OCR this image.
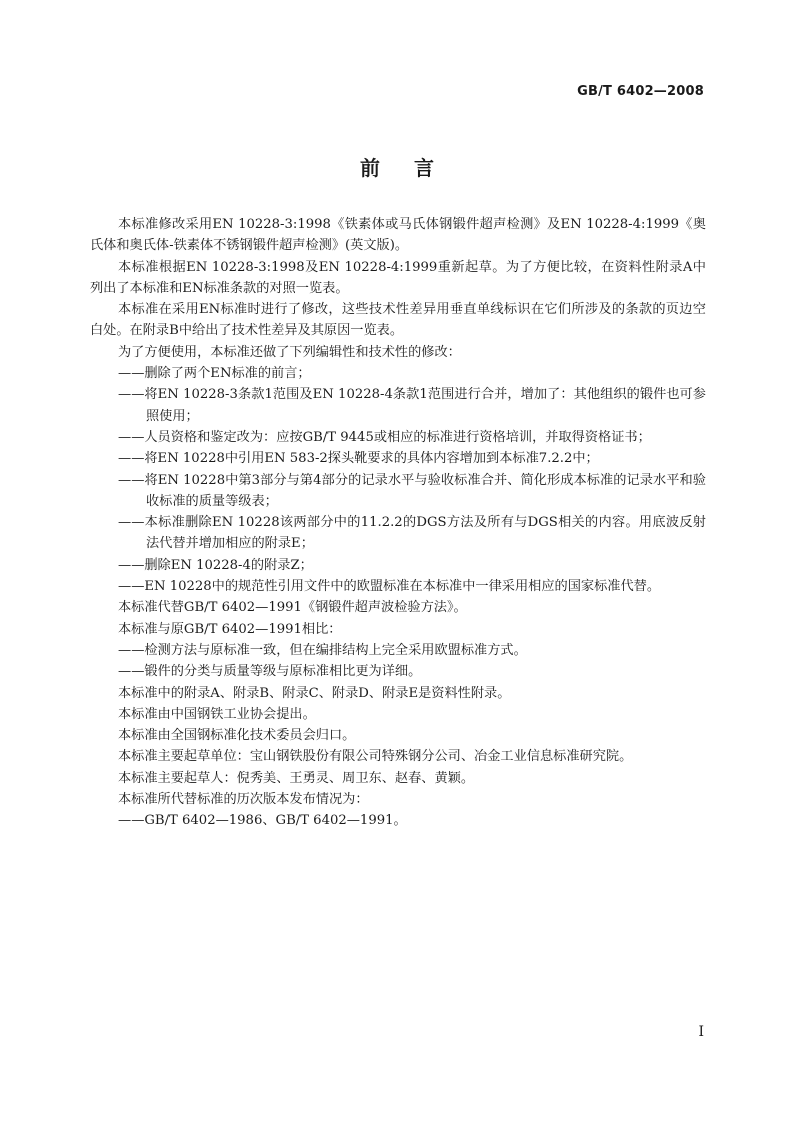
GB/T 6402—2008
前言

本标准修改采用EN 10228-3:1998《铁素体或马氏体钢锻件超声检测》及EN 10228-4:1999《奥氏体和奥氏体-铁素体不锈钢锻件超声检测》(英文版)。

本标准根据EN 10228-3:1998及EN 10228-4:1999重新起草。为了方便比较，在资料性附录A中列出了本标准和EN标准条款的对照一览表。

本标准在采用EN标准时进行了修改，这些技术性差异用垂直单线标识在它们所涉及的条款的页边空白处。在附录B中给出了技术性差异及其原因一览表。

为了方便使用，本标准还做了下列编辑性和技术性的修改：

——删除了两个EN标准的前言；

——将EN 10228-3条款1范围及EN 10228-4条款1范围进行合并，增加了：其他组织的锻件也可参照使用；

——人员资格和鉴定改为：应按GB/T 9445或相应的标准进行资格培训，并取得资格证书；

——将EN 10228中引用EN 583-2探头靴要求的具体内容增加到本标准7.2.2中；

——将EN 10228中第3部分与第4部分的记录水平与验收标准合并、简化形成本标准的记录水平和验收标准的质量等级表；

——本标准删除EN 10228该两部分中的11.2.2的DGS方法及所有与DGS相关的内容。用底波反射法代替并增加相应的附录E；

——删除EN 10228-4的附录Z；

——EN 10228中的规范性引用文件中的欧盟标准在本标准中一律采用相应的国家标准代替。

本标准代替GB/T 6402—1991《钢锻件超声波检验方法》。

本标准与原GB/T 6402—1991相比：

——检测方法与原标准一致，但在编排结构上完全采用欧盟标准方式。

——锻件的分类与质量等级与原标准相比更为详细。

本标准中的附录A、附录B、附录C、附录D、附录E是资料性附录。

本标准由中国钢铁工业协会提出。

本标准由全国钢标准化技术委员会归口。

本标准主要起草单位：宝山钢铁股份有限公司特殊钢分公司、冶金工业信息标准研究院。

本标准主要起草人：倪秀美、王勇灵、周卫东、赵春、黄颖。

本标准所代替标准的历次版本发布情况为：

——GB/T 6402—1986、GB/T 6402—1991。

I
